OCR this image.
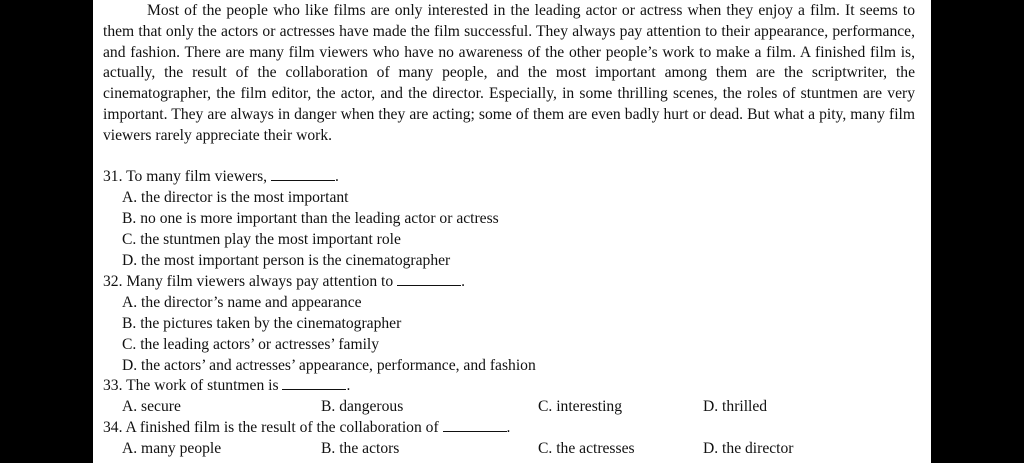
Most of the people who like films are only interested in the leading actor or actress when they enjoy a film. It seems to them that only the actors or actresses have made the film successful. They always pay attention to their appearance, performance, and fashion. There are many film viewers who have no awareness of the other people’s work to make a film. A finished film is, actually, the result of the collaboration of many people, and the most important among them are the scriptwriter, the cinematographer, the film editor, the actor, and the director. Especially, in some thrilling scenes, the roles of stuntmen are very important. They are always in danger when they are acting; some of them are even badly hurt or dead. But what a pity, many film viewers rarely appreciate their work.

31. To many film viewers,	.
A. the director is the most important
B. no one is more important than the leading actor or actress
C. the stuntmen play the most important role
D. the most important person is the cinematographer
32. Many film viewers always pay attention to	.
A. the director’s name and appearance
B. the pictures taken by the cinematographer
C. the leading actors’ or actresses’ family
D. the actors’ and actresses’ appearance, performance, and fashion
33. The work of stuntmen is	.
A. secure	B. dangerous	C. interesting	D. thrilled
34. A finished film is the result of the collaboration of	.
A. many people	B. the actors	C. the actresses	D. the director
